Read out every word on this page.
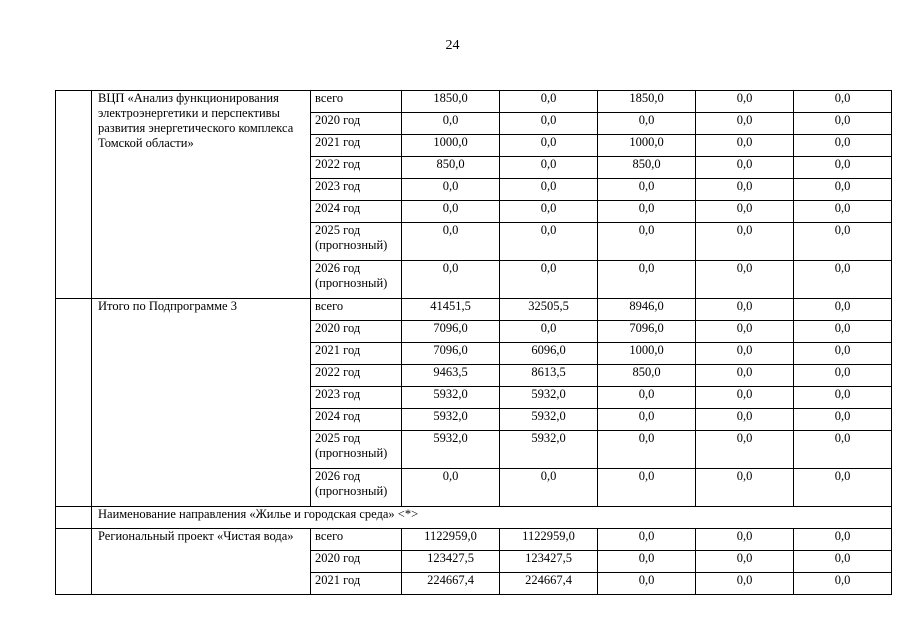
24
	ВЦП «Анализ функционирования электроэнергетики и перспективы развития энергетического комплекса Томской области»	всего	1850,0	0,0	1850,0	0,0	0,0
		2020 год	0,0	0,0	0,0	0,0	0,0
		2021 год	1000,0	0,0	1000,0	0,0	0,0
		2022 год	850,0	0,0	850,0	0,0	0,0
		2023 год	0,0	0,0	0,0	0,0	0,0
		2024 год	0,0	0,0	0,0	0,0	0,0
		2025 год (прогнозный)	0,0	0,0	0,0	0,0	0,0
		2026 год (прогнозный)	0,0	0,0	0,0	0,0	0,0
	Итого по Подпрограмме 3	всего	41451,5	32505,5	8946,0	0,0	0,0
		2020 год	7096,0	0,0	7096,0	0,0	0,0
		2021 год	7096,0	6096,0	1000,0	0,0	0,0
		2022 год	9463,5	8613,5	850,0	0,0	0,0
		2023 год	5932,0	5932,0	0,0	0,0	0,0
		2024 год	5932,0	5932,0	0,0	0,0	0,0
		2025 год (прогнозный)	5932,0	5932,0	0,0	0,0	0,0
		2026 год (прогнозный)	0,0	0,0	0,0	0,0	0,0
	Наименование направления «Жилье и городская среда» <*>						
	Региональный проект «Чистая вода»	всего	1122959,0	1122959,0	0,0	0,0	0,0
		2020 год	123427,5	123427,5	0,0	0,0	0,0
		2021 год	224667,4	224667,4	0,0	0,0	0,0
